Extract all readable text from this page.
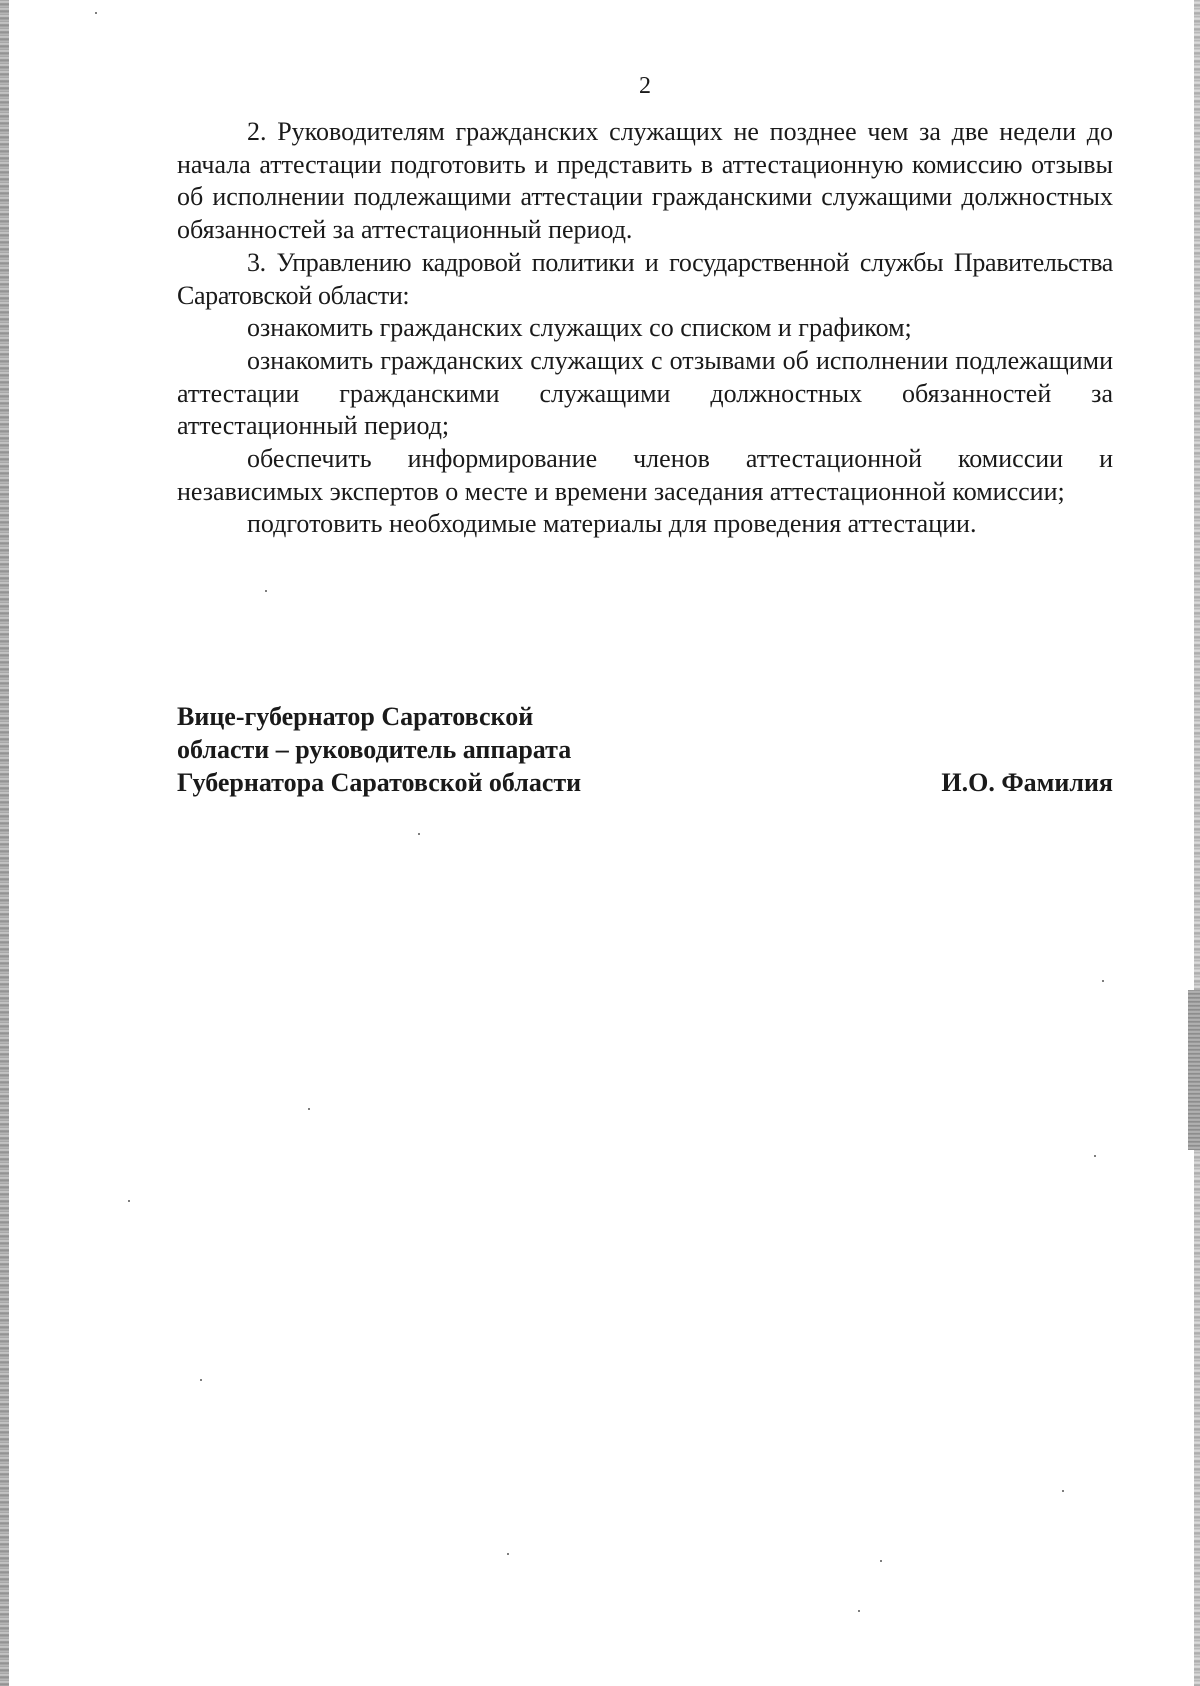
2

2. Руководителям гражданских служащих не позднее чем за две недели до начала аттестации подготовить и представить в аттестационную комиссию отзывы об исполнении подлежащими аттестации гражданскими служащими должностных обязанностей за аттестационный период.

3. Управлению кадровой политики и государственной службы Правительства Саратовской области:

ознакомить гражданских служащих со списком и графиком;

ознакомить гражданских служащих с отзывами об исполнении подлежащими аттестации гражданскими служащими должностных обязанностей за аттестационный период;

обеспечить информирование членов аттестационной комиссии и независимых экспертов о месте и времени заседания аттестационной комиссии;

подготовить необходимые материалы для проведения аттестации.

Вице-губернатор Саратовской

области – руководитель аппарата

Губернатора Саратовской области	И.О. Фамилия
